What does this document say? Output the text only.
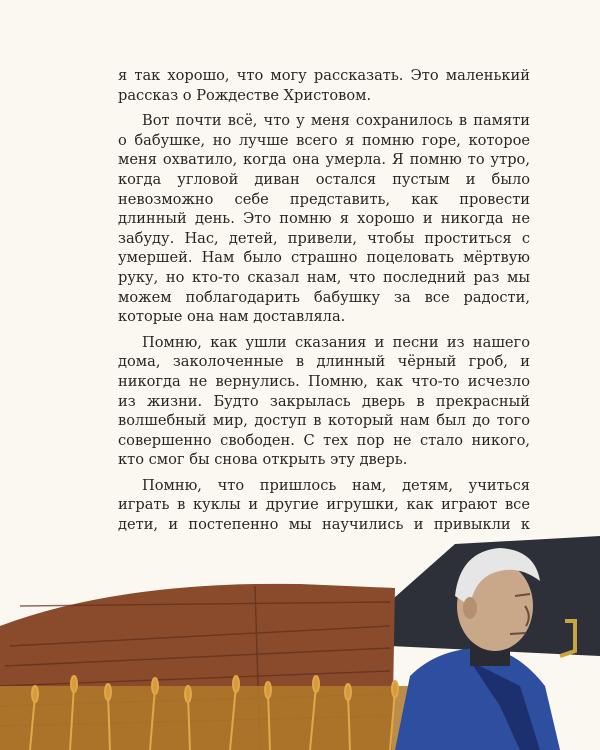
я так хорошо, что могу рассказать. Это маленький рассказ о Рождестве Христовом.

Вот почти всё, что у меня сохранилось в памяти о бабушке, но лучше всего я помню горе, которое меня охватило, когда она умерла. Я помню то утро, когда угловой диван остался пустым и было невозможно себе представить, как провести длинный день. Это помню я хорошо и никогда не забуду. Нас, детей, привели, чтобы проститься с умершей. Нам было страшно поцеловать мёртвую руку, но кто-то сказал нам, что последний раз мы можем поблагодарить бабушку за все радости, которые она нам доставляла.

Помню, как ушли сказания и песни из нашего дома, заколоченные в длинный чёрный гроб, и никогда не вернулись. Помню, как что-то исчезло из жизни. Будто закрылась дверь в прекрасный волшебный мир, доступ в который нам был до того совершенно свободен. С тех пор не стало никого, кто смог бы снова открыть эту дверь.

Помню, что пришлось нам, детям, учиться играть в куклы и другие игрушки, как играют все дети, и постепенно мы научились и привыкли к
